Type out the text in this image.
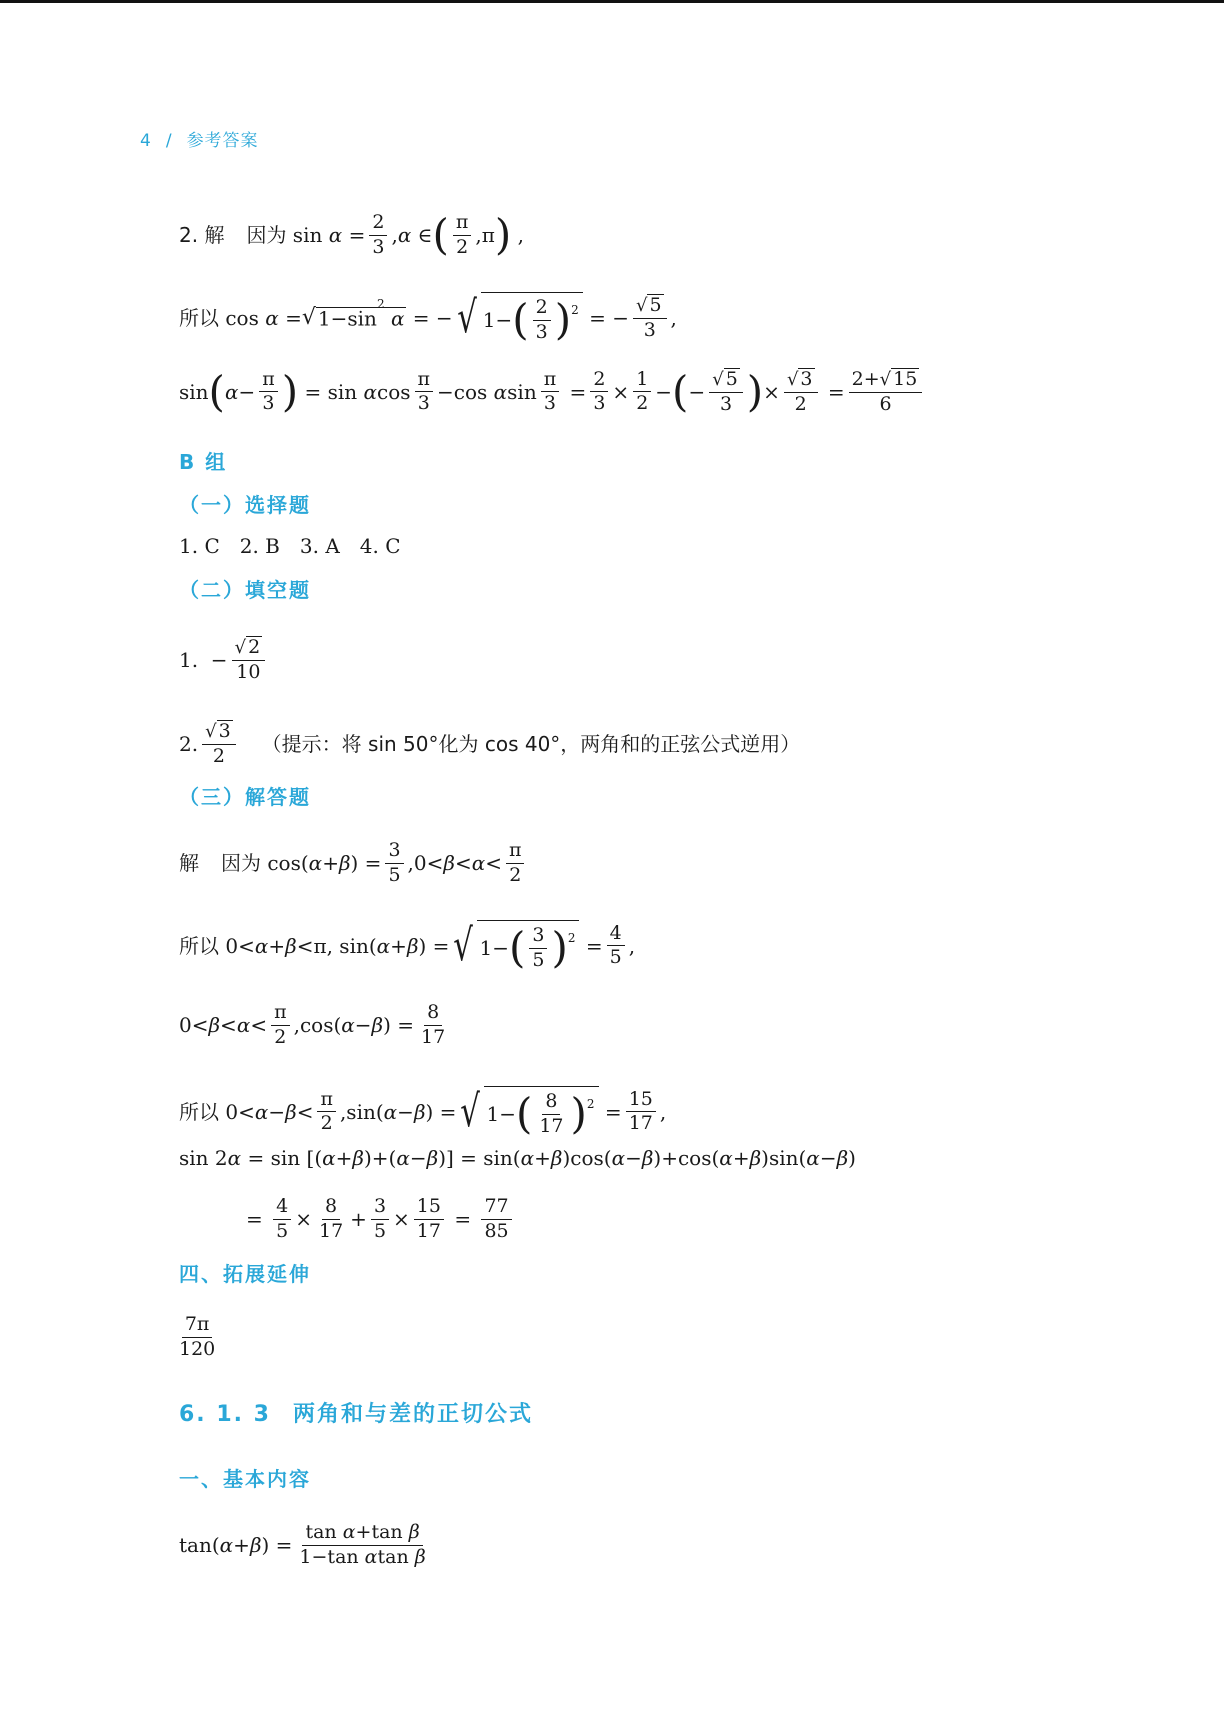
4 / 参考答案
2. 解 因为 $\sin \alpha = \frac{2}{3}$ , α ∈ ( $\frac{\pi}{2} ,\pi$ ) ,
所以 cos α = √ $1-\sin^2$ α = − √ 1− ( $\frac{2}{3}$ ) 2 = − $\frac{√ 5}{3}$ ,
sin ( $\alpha - \frac{\pi}{3}$ ) = sin α $\cos \frac{\pi}{3} -\cos$ α $\sin \frac{\pi}{3} = \frac{2}{3} \times \frac{1}{2}$ − ( − $\frac{√ 5}{3}$ ) × $\frac{√ 3}{2} = \frac{2+ √ 15}{6}$
B 组
（一）选择题
1. C　2. B　3. A　4. C
（二）填空题
1. − $\frac{√ 2}{10}$
2. $\frac{√ 3}{2}$ （提示：将 sin 50°化为 cos 40°，两角和的正弦公式逆用）
（三）解答题
解 因为 cos( α + β ) = $\frac{3}{5} ,0< \beta < \alpha < \frac{\pi}{2}$
所以 0< α + β <π, sin( α + β ) = √ 1− ( $\frac{3}{5}$ ) $2 = \frac{4}{5}$ ,
$0< \beta < \alpha < \frac{\pi}{2} ,\cos$( α − β ) = $\frac{8}{17}$
所以 $0< \alpha - \beta < \frac{\pi}{2} ,\sin$( α − β ) = √ 1− ( $\frac{8}{17}$ ) $2 = \frac{15}{17}$ ,
sin 2 α = sin [( α + β )+( α − β )] = sin( α + β )cos( α − β )+cos( α + β )sin( α − β )
= $\frac{4}{5} \times \frac{8}{17} + \frac{3}{5} \times \frac{15}{17} = \frac{77}{85}$
四、拓展延伸
$\frac{7\pi}{120}$
6. 1. 3 两角和与差的正切公式
一、基本内容
tan( α + β ) = $\frac{\text{tan α+tan β}}{\text{1−tan αtan β}}$
